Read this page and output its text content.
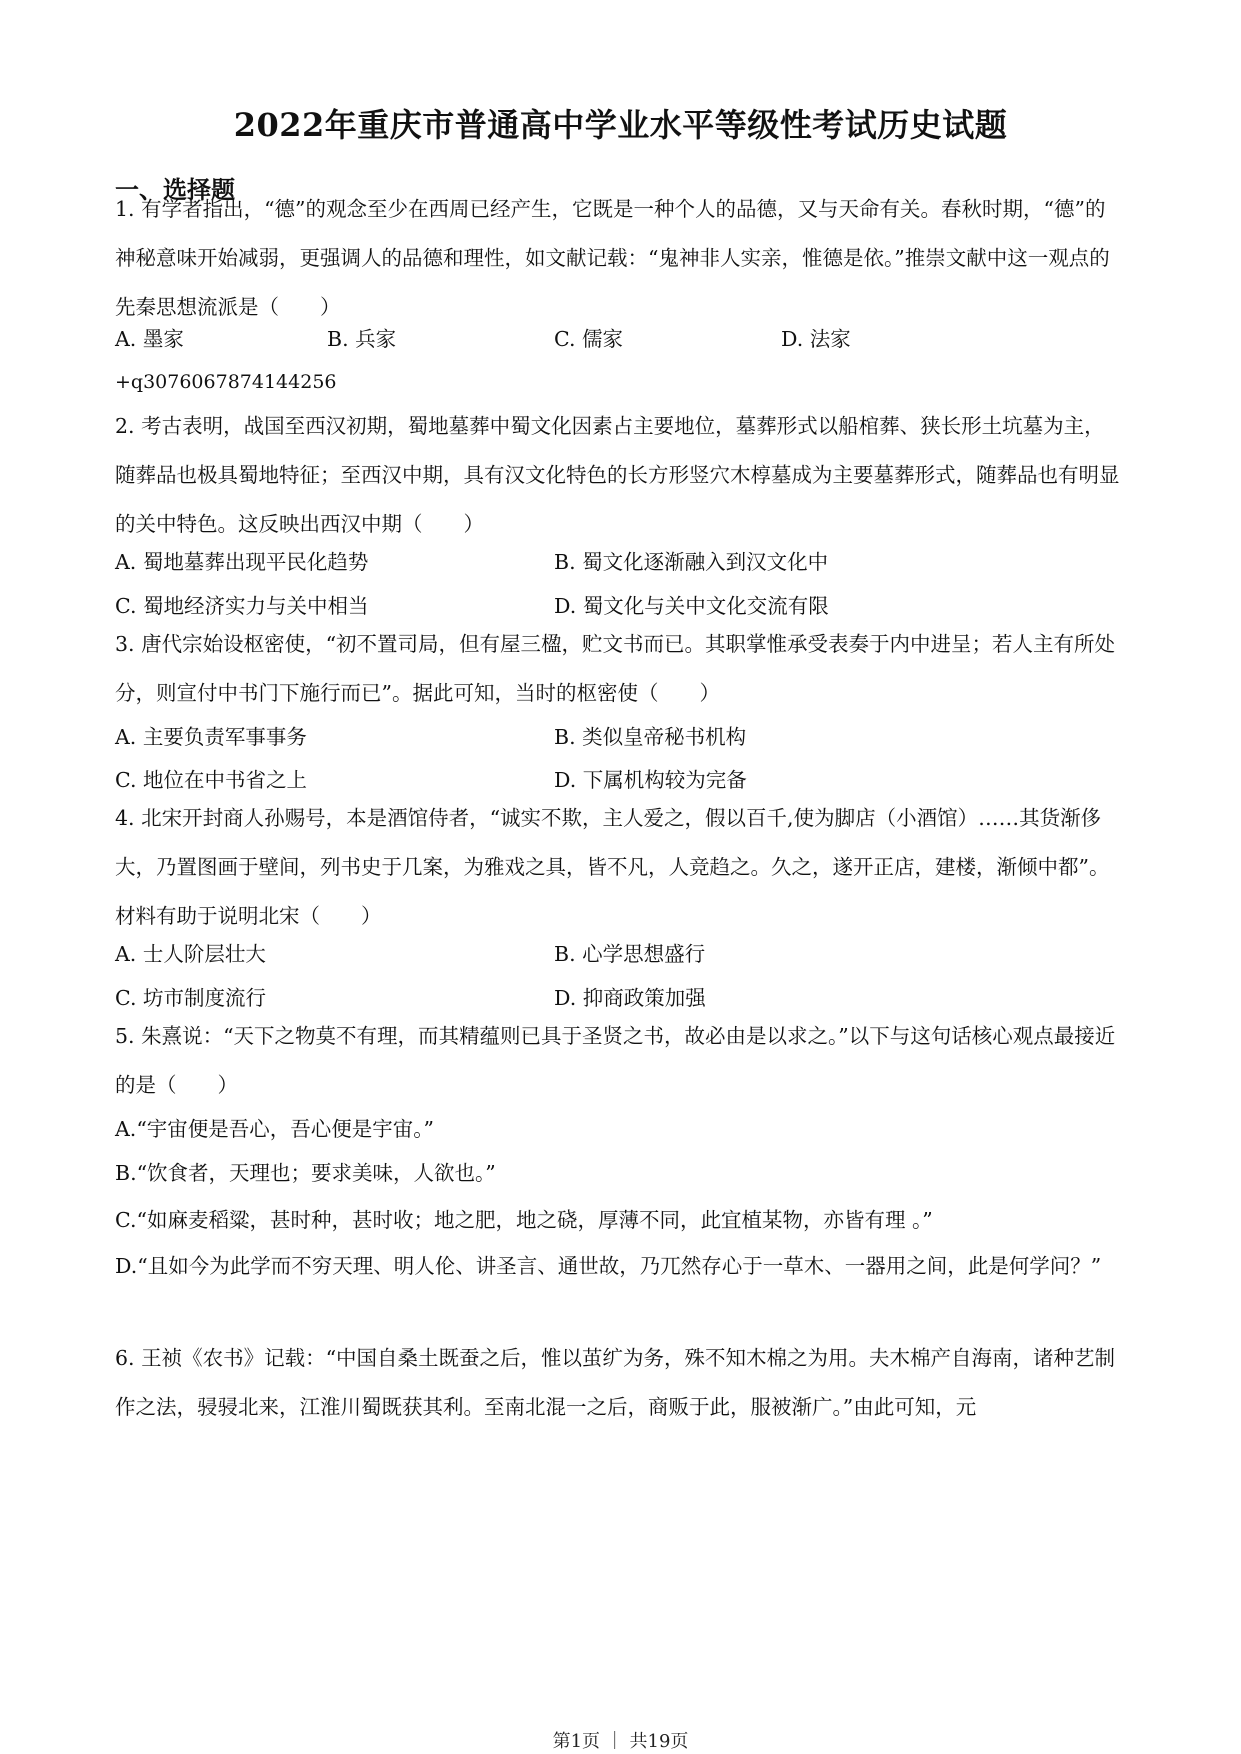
2022年重庆市普通高中学业水平等级性考试历史试题
一、选择题
1. 有学者指出，“德”的观念至少在西周已经产生，它既是一种个人的品德，又与天命有关。春秋时期，“德”的神秘意味开始减弱，更强调人的品德和理性，如文献记载：“鬼神非人实亲，惟德是依。”推崇文献中这一观点的先秦思想流派是（　　）
A. 墨家	B. 兵家	C. 儒家	D. 法家
+q3076067874144256
2. 考古表明，战国至西汉初期，蜀地墓葬中蜀文化因素占主要地位，墓葬形式以船棺葬、狭长形土坑墓为主，随葬品也极具蜀地特征；至西汉中期，具有汉文化特色的长方形竖穴木椁墓成为主要墓葬形式，随葬品也有明显的关中特色。这反映出西汉中期（　　）
A. 蜀地墓葬出现平民化趋势	B. 蜀文化逐渐融入到汉文化中
C. 蜀地经济实力与关中相当	D. 蜀文化与关中文化交流有限
3. 唐代宗始设枢密使，“初不置司局，但有屋三楹，贮文书而已。其职掌惟承受表奏于内中进呈；若人主有所处分，则宣付中书门下施行而已”。据此可知，当时的枢密使（　　）
A. 主要负责军事事务	B. 类似皇帝秘书机构
C. 地位在中书省之上	D. 下属机构较为完备
4. 北宋开封商人孙赐号，本是酒馆侍者，“诚实不欺，主人爱之，假以百千,使为脚店（小酒馆）……其货渐侈大，乃置图画于壁间，列书史于几案，为雅戏之具，皆不凡，人竞趋之。久之，遂开正店，建楼，渐倾中都”。材料有助于说明北宋（　　）
A. 士人阶层壮大	B. 心学思想盛行
C. 坊市制度流行	D. 抑商政策加强
5. 朱熹说：“天下之物莫不有理，而其精蕴则已具于圣贤之书，故必由是以求之。”以下与这句话核心观点最接近的是（　　）
A.“宇宙便是吾心，吾心便是宇宙。”
B.“饮食者，天理也；要求美味，人欲也。”
C.“如麻麦稻粱，甚时种，甚时收；地之肥，地之硗，厚薄不同，此宜植某物，亦皆有理 。”
D.“且如今为此学而不穷天理、明人伦、讲圣言、通世故，乃兀然存心于一草木、一器用之间，此是何学问？”
6. 王祯《农书》记载：“中国自桑土既蚕之后，惟以茧纩为务，殊不知木棉之为用。夫木棉产自海南，诸种艺制作之法，骎骎北来，江淮川蜀既获其利。至南北混一之后，商贩于此，服被渐广。”由此可知，元
第1页 ｜ 共19页
